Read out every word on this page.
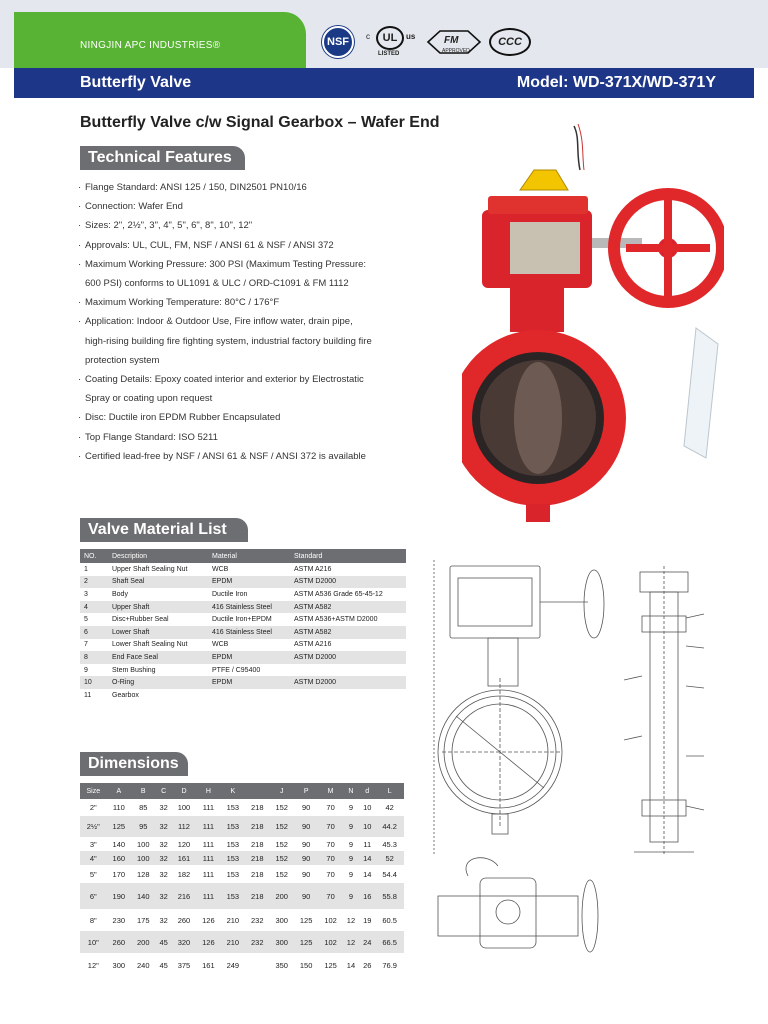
NINGJIN APC INDUSTRIES®	NSF	c	UL	us
LISTED
FM
APPROVED
CCC
Butterfly Valve	Model: WD-371X/WD-371Y
Butterfly Valve c/w Signal Gearbox – Wafer End
Technical Features
· Flange Standard: ANSI 125 / 150, DIN2501 PN10/16
· Connection: Wafer End
· Sizes: 2", 2½", 3", 4", 5", 6", 8", 10", 12"
· Approvals: UL, CUL, FM, NSF / ANSI 61 & NSF / ANSI 372
· Maximum Working Pressure: 300 PSI (Maximum Testing Pressure:
600 PSI) conforms to UL1091 & ULC / ORD-C1091 & FM 1112
· Maximum Working Temperature: 80°C / 176°F
· Application: Indoor & Outdoor Use, Fire inflow water, drain pipe,
high-rising building fire fighting system, industrial factory building fire
protection system
· Coating Details: Epoxy coated interior and exterior by Electrostatic
Spray or coating upon request
· Disc: Ductile iron EPDM Rubber Encapsulated
· Top Flange Standard: ISO 5211
· Certified lead-free by NSF / ANSI 61 & NSF / ANSI 372 is available
Valve Material List
NO.	Description	Material	Standard
1	Upper Shaft Sealing Nut	WCB	ASTM A216
2	Shaft Seal	EPDM	ASTM D2000
3	Body	Ductile Iron	ASTM A536 Grade 65-45-12
4	Upper Shaft	416 Stainless Steel	ASTM A582
5	Disc+Rubber Seal	Ductile Iron+EPDM	ASTM A536+ASTM D2000
6	Lower Shaft	416 Stainless Steel	ASTM A582
7	Lower Shaft Sealing Nut	WCB	ASTM A216
8	End Face Seal	EPDM	ASTM D2000
9	Stem Bushing	PTFE / C95400	
10	O-Ring	EPDM	ASTM D2000
11	Gearbox		
Dimensions
Size	A	B	C	D	H	K		J	P	M	N	d	L
2"	110	85	32	100	111	153	218	152	90	70	9	10	42
2½"	125	95	32	112	111	153	218	152	90	70	9	10	44.2
3"	140	100	32	120	111	153	218	152	90	70	9	11	45.3
4"	160	100	32	161	111	153	218	152	90	70	9	14	52
5"	170	128	32	182	111	153	218	152	90	70	9	14	54.4
6"	190	140	32	216	111	153	218	200	90	70	9	16	55.8
8"	230	175	32	260	126	210	232	300	125	102	12	19	60.5
10"	260	200	45	320	126	210	232	300	125	102	12	24	66.5
12"	300	240	45	375	161	249		350	150	125	14	26	76.9
